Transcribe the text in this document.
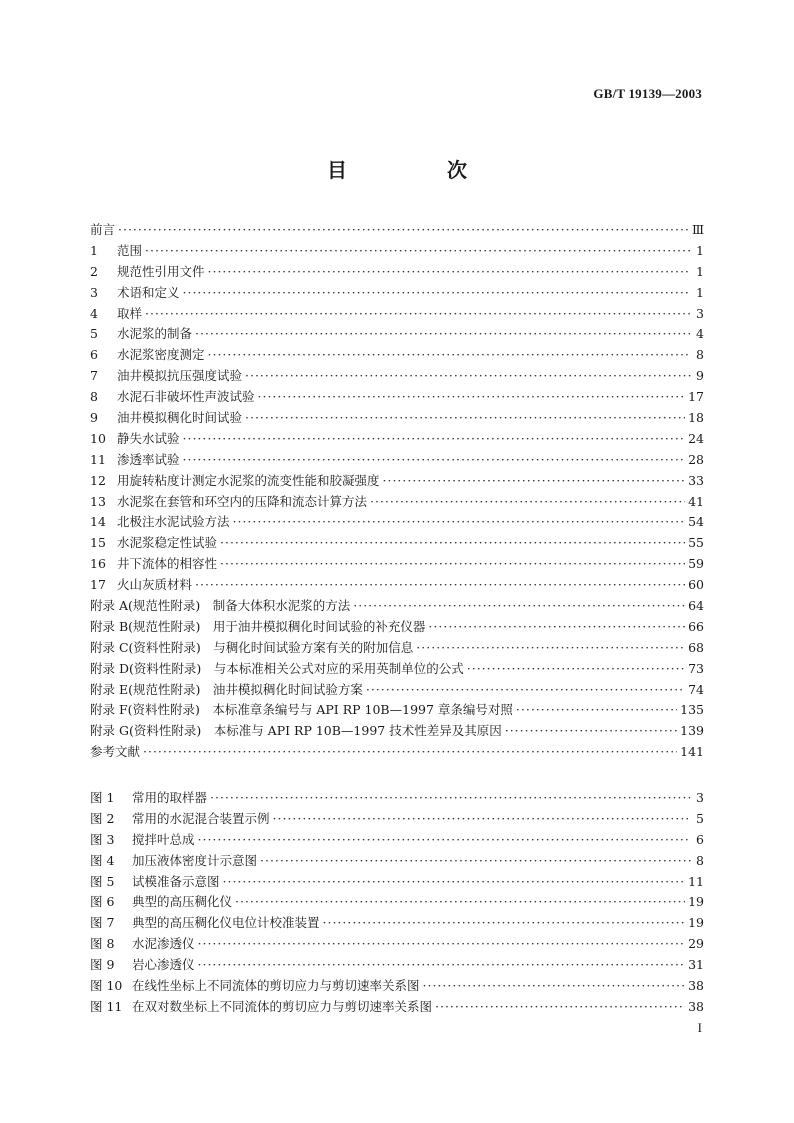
GB/T 19139—2003
目　次
前言 ·····	Ⅲ
1	范围 ·····	1
2	规范性引用文件 ·····	1
3	术语和定义 ·····	1
4	取样 ·····	3
5	水泥浆的制备 ·····	4
6	水泥浆密度测定 ·····	8
7	油井模拟抗压强度试验 ·····	9
8	水泥石非破坏性声波试验 ·····	17
9	油井模拟稠化时间试验 ·····	18
10 静失水试验 ·····	24
11 渗透率试验 ·····	28
12 用旋转粘度计测定水泥浆的流变性能和胶凝强度 ·····	33
13 水泥浆在套管和环空内的压降和流态计算方法 ·····	41
14 北极注水泥试验方法 ·····	54
15 水泥浆稳定性试验 ·····	55
16 井下流体的相容性 ·····	59
17 火山灰质材料 ·····	60
附录 A(规范性附录)　制备大体积水泥浆的方法 ·····	64
附录 B(规范性附录)　用于油井模拟稠化时间试验的补充仪器 ·····	66
附录 C(资料性附录)　与稠化时间试验方案有关的附加信息 ·····	68
附录 D(资料性附录)　与本标准相关公式对应的采用英制单位的公式 ·····	73
附录 E(规范性附录)　油井模拟稠化时间试验方案 ·····	74
附录 F(资料性附录)　本标准章条编号与 API RP 10B—1997 章条编号对照 ·····	135
附录 G(资料性附录)　本标准与 API RP 10B—1997 技术性差异及其原因 ·····	139
参考文献 ·····	141
图 1	常用的取样器 ·····	3
图 2	常用的水泥混合装置示例 ·····	5
图 3	搅拌叶总成 ·····	6
图 4	加压液体密度计示意图 ·····	8
图 5	试模准备示意图 ·····	11
图 6	典型的高压稠化仪 ·····	19
图 7	典型的高压稠化仪电位计校准装置 ·····	19
图 8	水泥渗透仪 ·····	29
图 9	岩心渗透仪 ·····	31
图 10 在线性坐标上不同流体的剪切应力与剪切速率关系图 ·····	38
图 11 在双对数坐标上不同流体的剪切应力与剪切速率关系图 ·····	38
I
